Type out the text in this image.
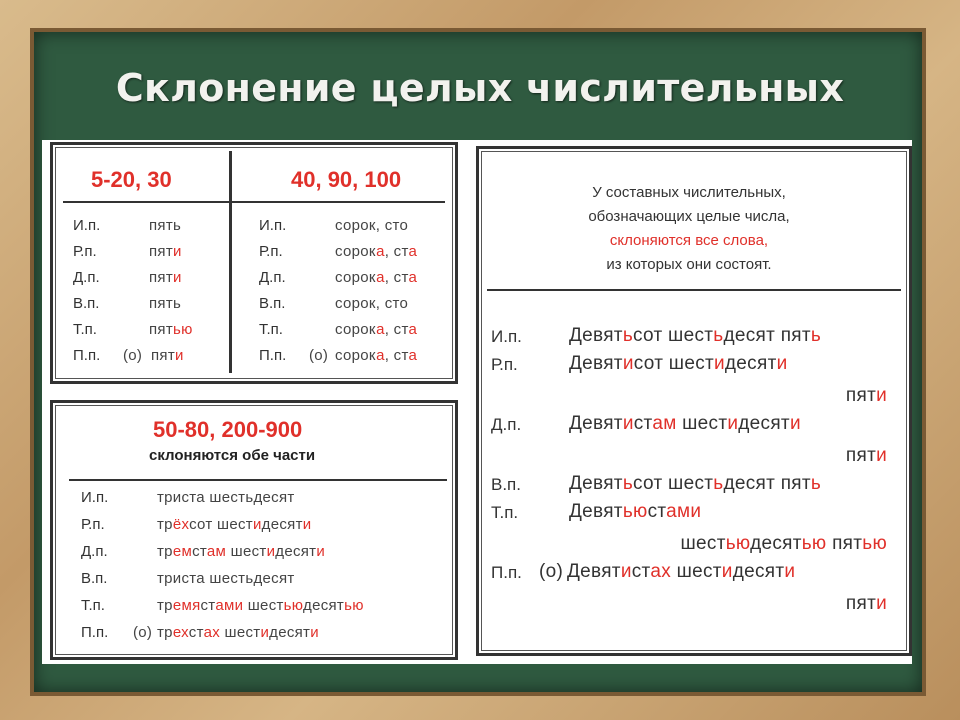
Склонение целых числительных
5-20, 30	40, 90, 100
И.п.	пять	И.п.	сорок, сто
Р.п.	пяти	Р.п.	сорока, ста
Д.п.	пяти	Д.п.	сорока, ста
В.п.	пять	В.п.	сорок, сто
Т.п.	пятью	Т.п.	сорока, ста
П.п. (о) пяти	П.п. (о) сорока, ста
50-80, 200-900
склоняются обе части
И.п.	триста шестьдесят
Р.п.	трёхсот шестидесяти
Д.п.	тремстам шестидесяти
В.п.	триста шестьдесят
Т.п.	тремястами шестьюдесятью
П.п. (о) трехстах шестидесяти
У составных числительных,
обозначающих целые числа,
склоняются все слова,
из которых они состоят.
И.п. Девятьсот шестьдесят пять
Р.п.	Девятисот шестидесяти
пяти
Д.п.	Девятистам шестидесяти
пяти
В.п.	Девятьсот шестьдесят пять
Т.п.	Девятьюстами
шестьюдесятью пятью
П.п. (о) Девятистах шестидесяти
пяти
